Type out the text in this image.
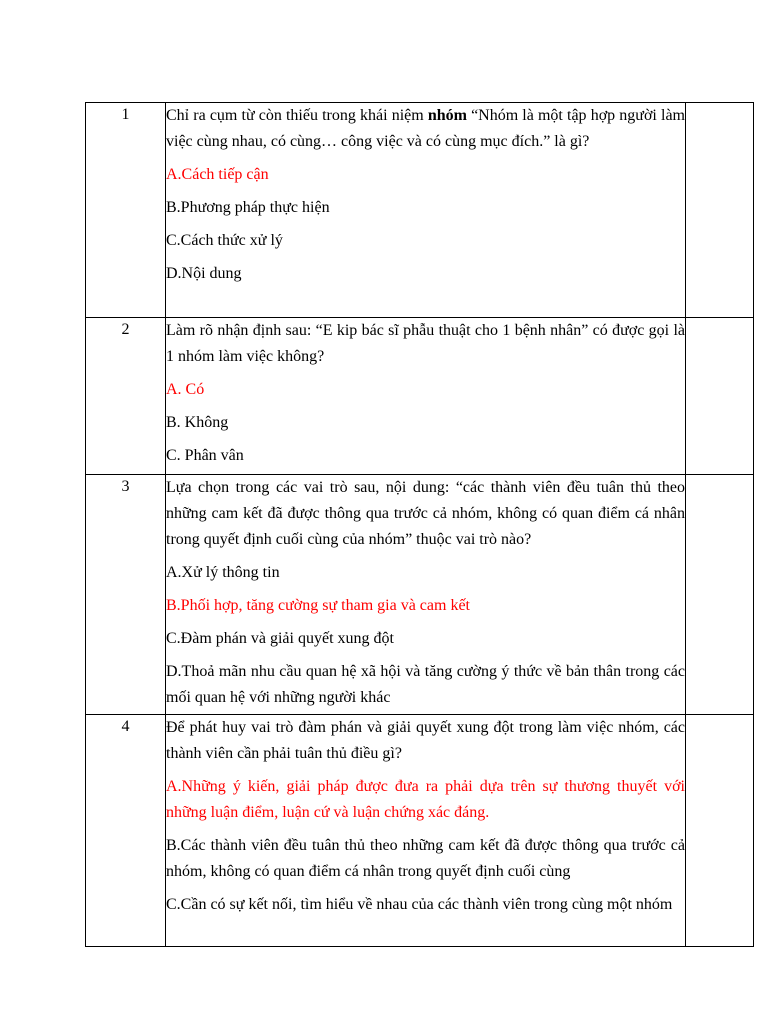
1	Chỉ ra cụm từ còn thiếu trong khái niệm nhóm “Nhóm là một tập hợp người làm việc cùng nhau, có cùng… công việc và có cùng mục đích.” là gì?

A.Cách tiếp cận

B.Phương pháp thực hiện

C.Cách thức xử lý

D.Nội dung	

2	Làm rõ nhận định sau: “E kip bác sĩ phẫu thuật cho 1 bệnh nhân” có được gọi là 1 nhóm làm việc không?

A. Có

B. Không

C. Phân vân	

3	Lựa chọn trong các vai trò sau, nội dung: “các thành viên đều tuân thủ theo những cam kết đã được thông qua trước cả nhóm, không có quan điểm cá nhân trong quyết định cuối cùng của nhóm” thuộc vai trò nào?

A.Xử lý thông tin

B.Phối hợp, tăng cường sự tham gia và cam kết

C.Đàm phán và giải quyết xung đột

D.Thoả mãn nhu cầu quan hệ xã hội và tăng cường ý thức về bản thân trong các mối quan hệ với những người khác	

4	Để phát huy vai trò đàm phán và giải quyết xung đột trong làm việc nhóm, các thành viên cần phải tuân thủ điều gì?

A.Những ý kiến, giải pháp được đưa ra phải dựa trên sự thương thuyết với những luận điểm, luận cứ và luận chứng xác đáng.

B.Các thành viên đều tuân thủ theo những cam kết đã được thông qua trước cả nhóm, không có quan điểm cá nhân trong quyết định cuối cùng

C.Cần có sự kết nối, tìm hiểu về nhau của các thành viên trong cùng một nhóm	
